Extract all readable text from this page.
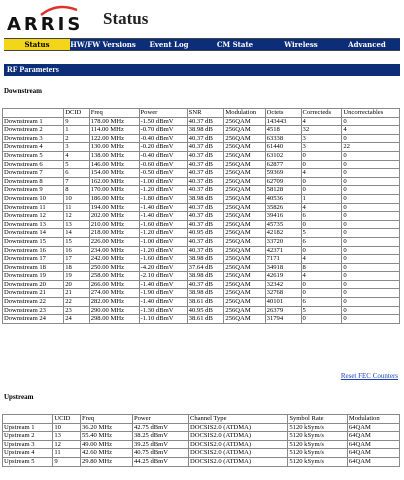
ARRIS Status
Status	HW/FW Versions	Event Log	CM State	Wireless	Advanced
RF Parameters
Downstream
	DCID	Freq	Power	SNR	Modulation	Octets	Correcteds	Uncorrectables
Downstream 1	9	178.00 MHz	-1.50 dBmV	40.37 dB	256QAM	143443	4	0
Downstream 2	1	114.00 MHz	-0.70 dBmV	38.98 dB	256QAM	4518	32	4
Downstream 3	2	122.00 MHz	-0.40 dBmV	40.37 dB	256QAM	63338	3	0
Downstream 4	3	130.00 MHz	-0.20 dBmV	40.37 dB	256QAM	61440	3	22
Downstream 5	4	138.00 MHz	-0.40 dBmV	40.37 dB	256QAM	63102	0	0
Downstream 6	5	146.00 MHz	-0.60 dBmV	40.37 dB	256QAM	62877	0	0
Downstream 7	6	154.00 MHz	-0.50 dBmV	40.37 dB	256QAM	59369	4	0
Downstream 8	7	162.00 MHz	-1.00 dBmV	40.37 dB	256QAM	62709	0	0
Downstream 9	8	170.00 MHz	-1.20 dBmV	40.37 dB	256QAM	58128	0	0
Downstream 10	10	186.00 MHz	-1.80 dBmV	38.98 dB	256QAM	40536	1	0
Downstream 11	11	194.00 MHz	-1.40 dBmV	40.37 dB	256QAM	35826	4	0
Downstream 12	12	202.00 MHz	-1.40 dBmV	40.37 dB	256QAM	39416	6	0
Downstream 13	13	210.00 MHz	-1.60 dBmV	40.37 dB	256QAM	45735	0	0
Downstream 14	14	218.00 MHz	-1.20 dBmV	40.95 dB	256QAM	42182	5	0
Downstream 15	15	226.00 MHz	-1.00 dBmV	40.37 dB	256QAM	33720	6	0
Downstream 16	16	234.00 MHz	-1.20 dBmV	40.37 dB	256QAM	42371	0	0
Downstream 17	17	242.00 MHz	-1.60 dBmV	38.98 dB	256QAM	7171	4	0
Downstream 18	18	250.00 MHz	-4.20 dBmV	37.64 dB	256QAM	34918	8	0
Downstream 19	19	258.00 MHz	-2.10 dBmV	38.98 dB	256QAM	42619	4	0
Downstream 20	20	266.00 MHz	-1.40 dBmV	40.37 dB	256QAM	32342	0	0
Downstream 21	21	274.00 MHz	-1.90 dBmV	38.98 dB	256QAM	32768	0	0
Downstream 22	22	282.00 MHz	-1.40 dBmV	38.61 dB	256QAM	40101	6	0
Downstream 23	23	290.00 MHz	-1.30 dBmV	40.95 dB	256QAM	26379	5	0
Downstream 24	24	298.00 MHz	-1.10 dBmV	38.61 dB	256QAM	31794	0	0
Reset FEC Counters
Upstream
	UCID	Freq	Power	Channel Type	Symbol Rate	Modulation
Upstream 1	10	36.20 MHz	42.75 dBmV	DOCSIS2.0 (ATDMA)	5120 kSym/s	64QAM
Upstream 2	13	55.40 MHz	38.25 dBmV	DOCSIS2.0 (ATDMA)	5120 kSym/s	64QAM
Upstream 3	12	49.00 MHz	39.25 dBmV	DOCSIS2.0 (ATDMA)	5120 kSym/s	64QAM
Upstream 4	11	42.60 MHz	40.75 dBmV	DOCSIS2.0 (ATDMA)	5120 kSym/s	64QAM
Upstream 5	9	29.80 MHz	44.25 dBmV	DOCSIS2.0 (ATDMA)	5120 kSym/s	64QAM
